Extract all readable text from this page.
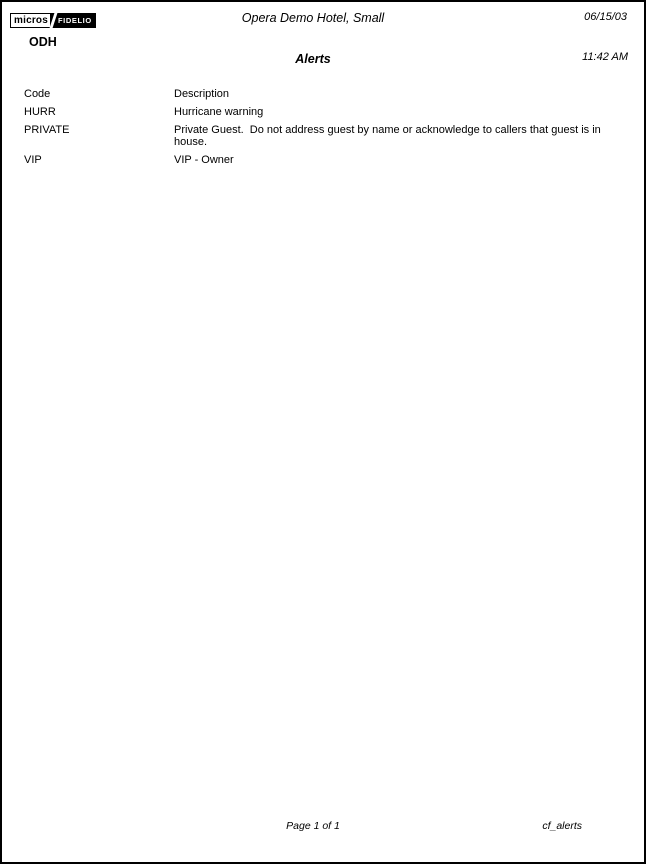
micros	FIDELIO	Opera Demo Hotel, Small	06/15/03
ODH
Alerts	11:42 AM
Code	Description
HURR	Hurricane warning
PRIVATE	Private Guest.  Do not address guest by name or acknowledge to callers that guest is in house.
VIP	VIP - Owner
Page 1 of 1	cf_alerts
